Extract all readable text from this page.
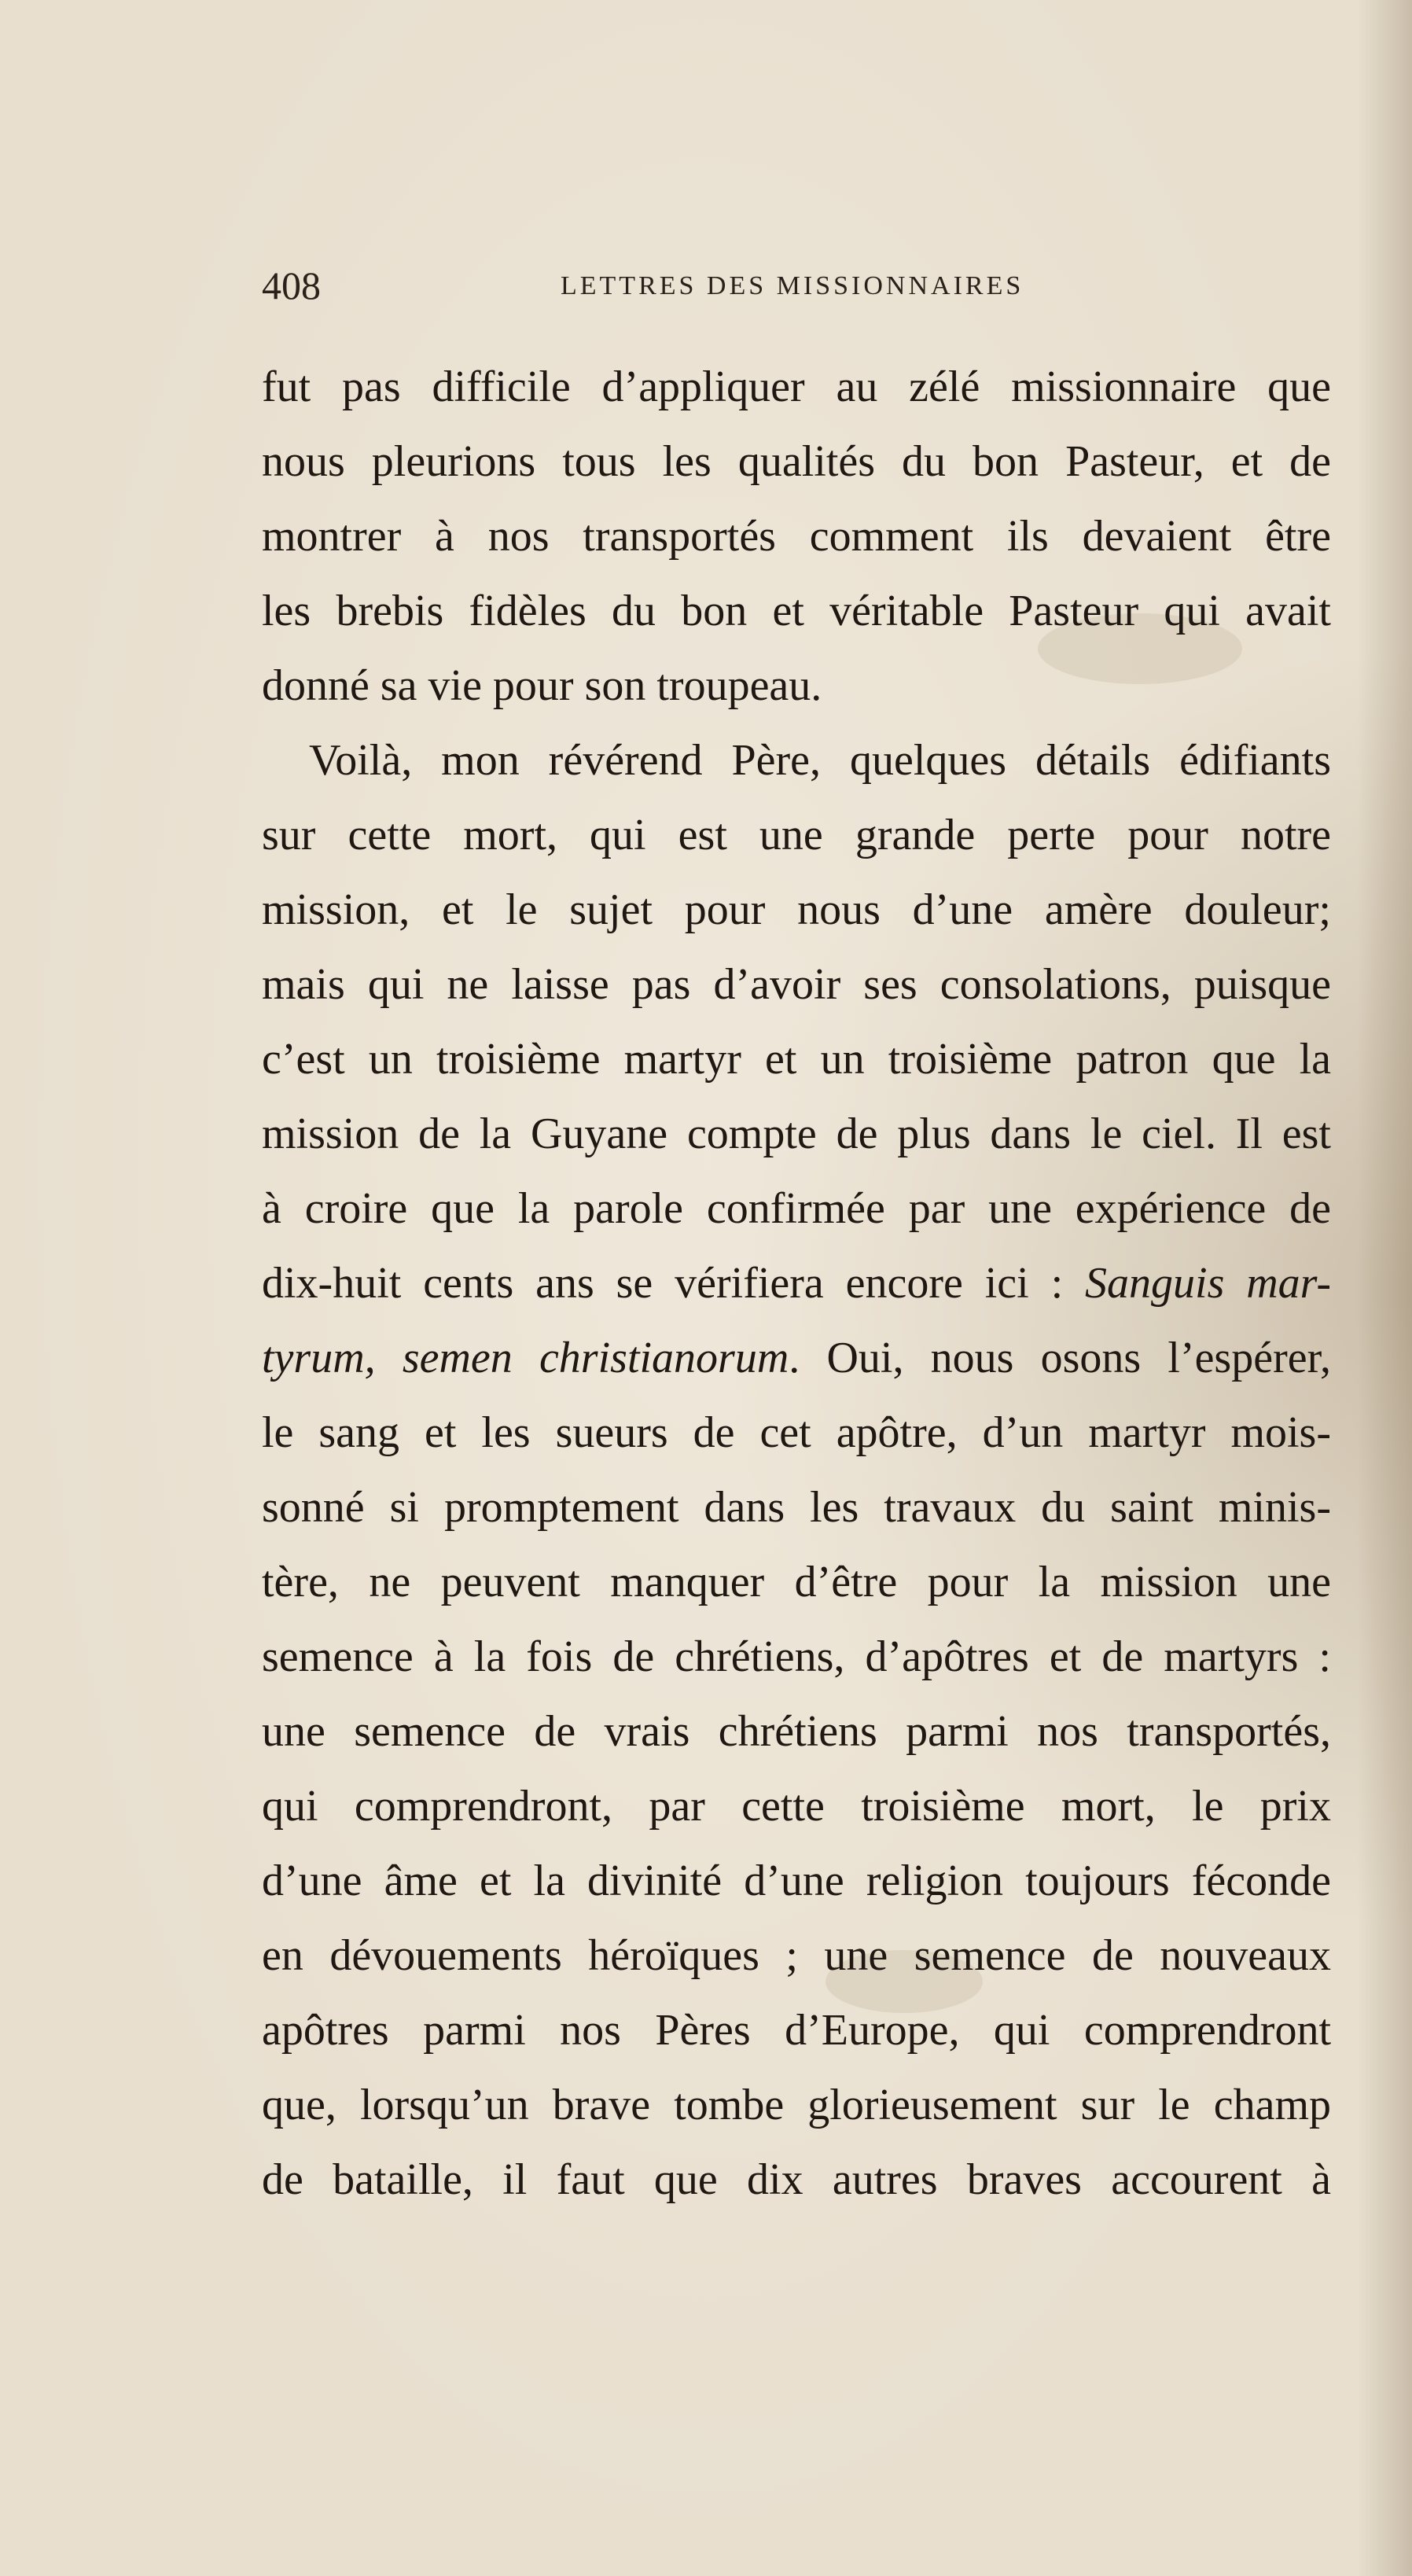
408	LETTRES DES MISSIONNAIRES
fut pas difficile d’appliquer au zélé missionnaire que
nous pleurions tous les qualités du bon Pasteur, et de
montrer à nos transportés comment ils devaient être
les brebis fidèles du bon et véritable Pasteur qui avait
donné sa vie pour son troupeau.
Voilà, mon révérend Père, quelques détails édifiants
sur cette mort, qui est une grande perte pour notre
mission, et le sujet pour nous d’une amère douleur;
mais qui ne laisse pas d’avoir ses consolations, puisque
c’est un troisième martyr et un troisième patron que la
mission de la Guyane compte de plus dans le ciel. Il est
à croire que la parole confirmée par une expérience de
dix-huit cents ans se vérifiera encore ici : Sanguis mar-
tyrum, semen christianorum. Oui, nous osons l’espérer,
le sang et les sueurs de cet apôtre, d’un martyr mois-
sonné si promptement dans les travaux du saint minis-
tère, ne peuvent manquer d’être pour la mission une
semence à la fois de chrétiens, d’apôtres et de martyrs :
une semence de vrais chrétiens parmi nos transportés,
qui comprendront, par cette troisième mort, le prix
d’une âme et la divinité d’une religion toujours féconde
en dévouements héroïques ; une semence de nouveaux
apôtres parmi nos Pères d’Europe, qui comprendront
que, lorsqu’un brave tombe glorieusement sur le champ
de bataille, il faut que dix autres braves accourent à
